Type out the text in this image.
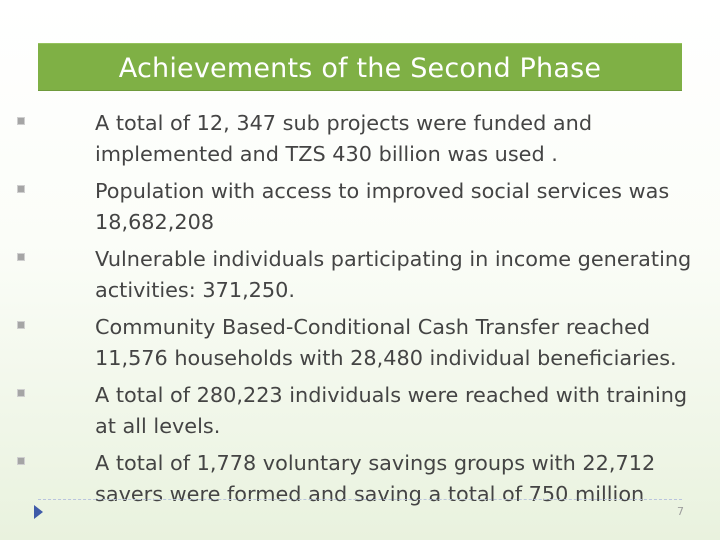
Achievements of the Second Phase
A total of 12, 347 sub projects were funded and implemented and TZS 430 billion was used .
Population with access to improved social services was 18,682,208
Vulnerable individuals participating in income generating activities: 371,250.
Community Based-Conditional Cash Transfer reached 11,576 households with 28,480 individual beneficiaries.
A total of 280,223 individuals were reached with training at all levels.
A total of 1,778 voluntary savings groups with 22,712 savers were formed and saving a total of 750 million
7
